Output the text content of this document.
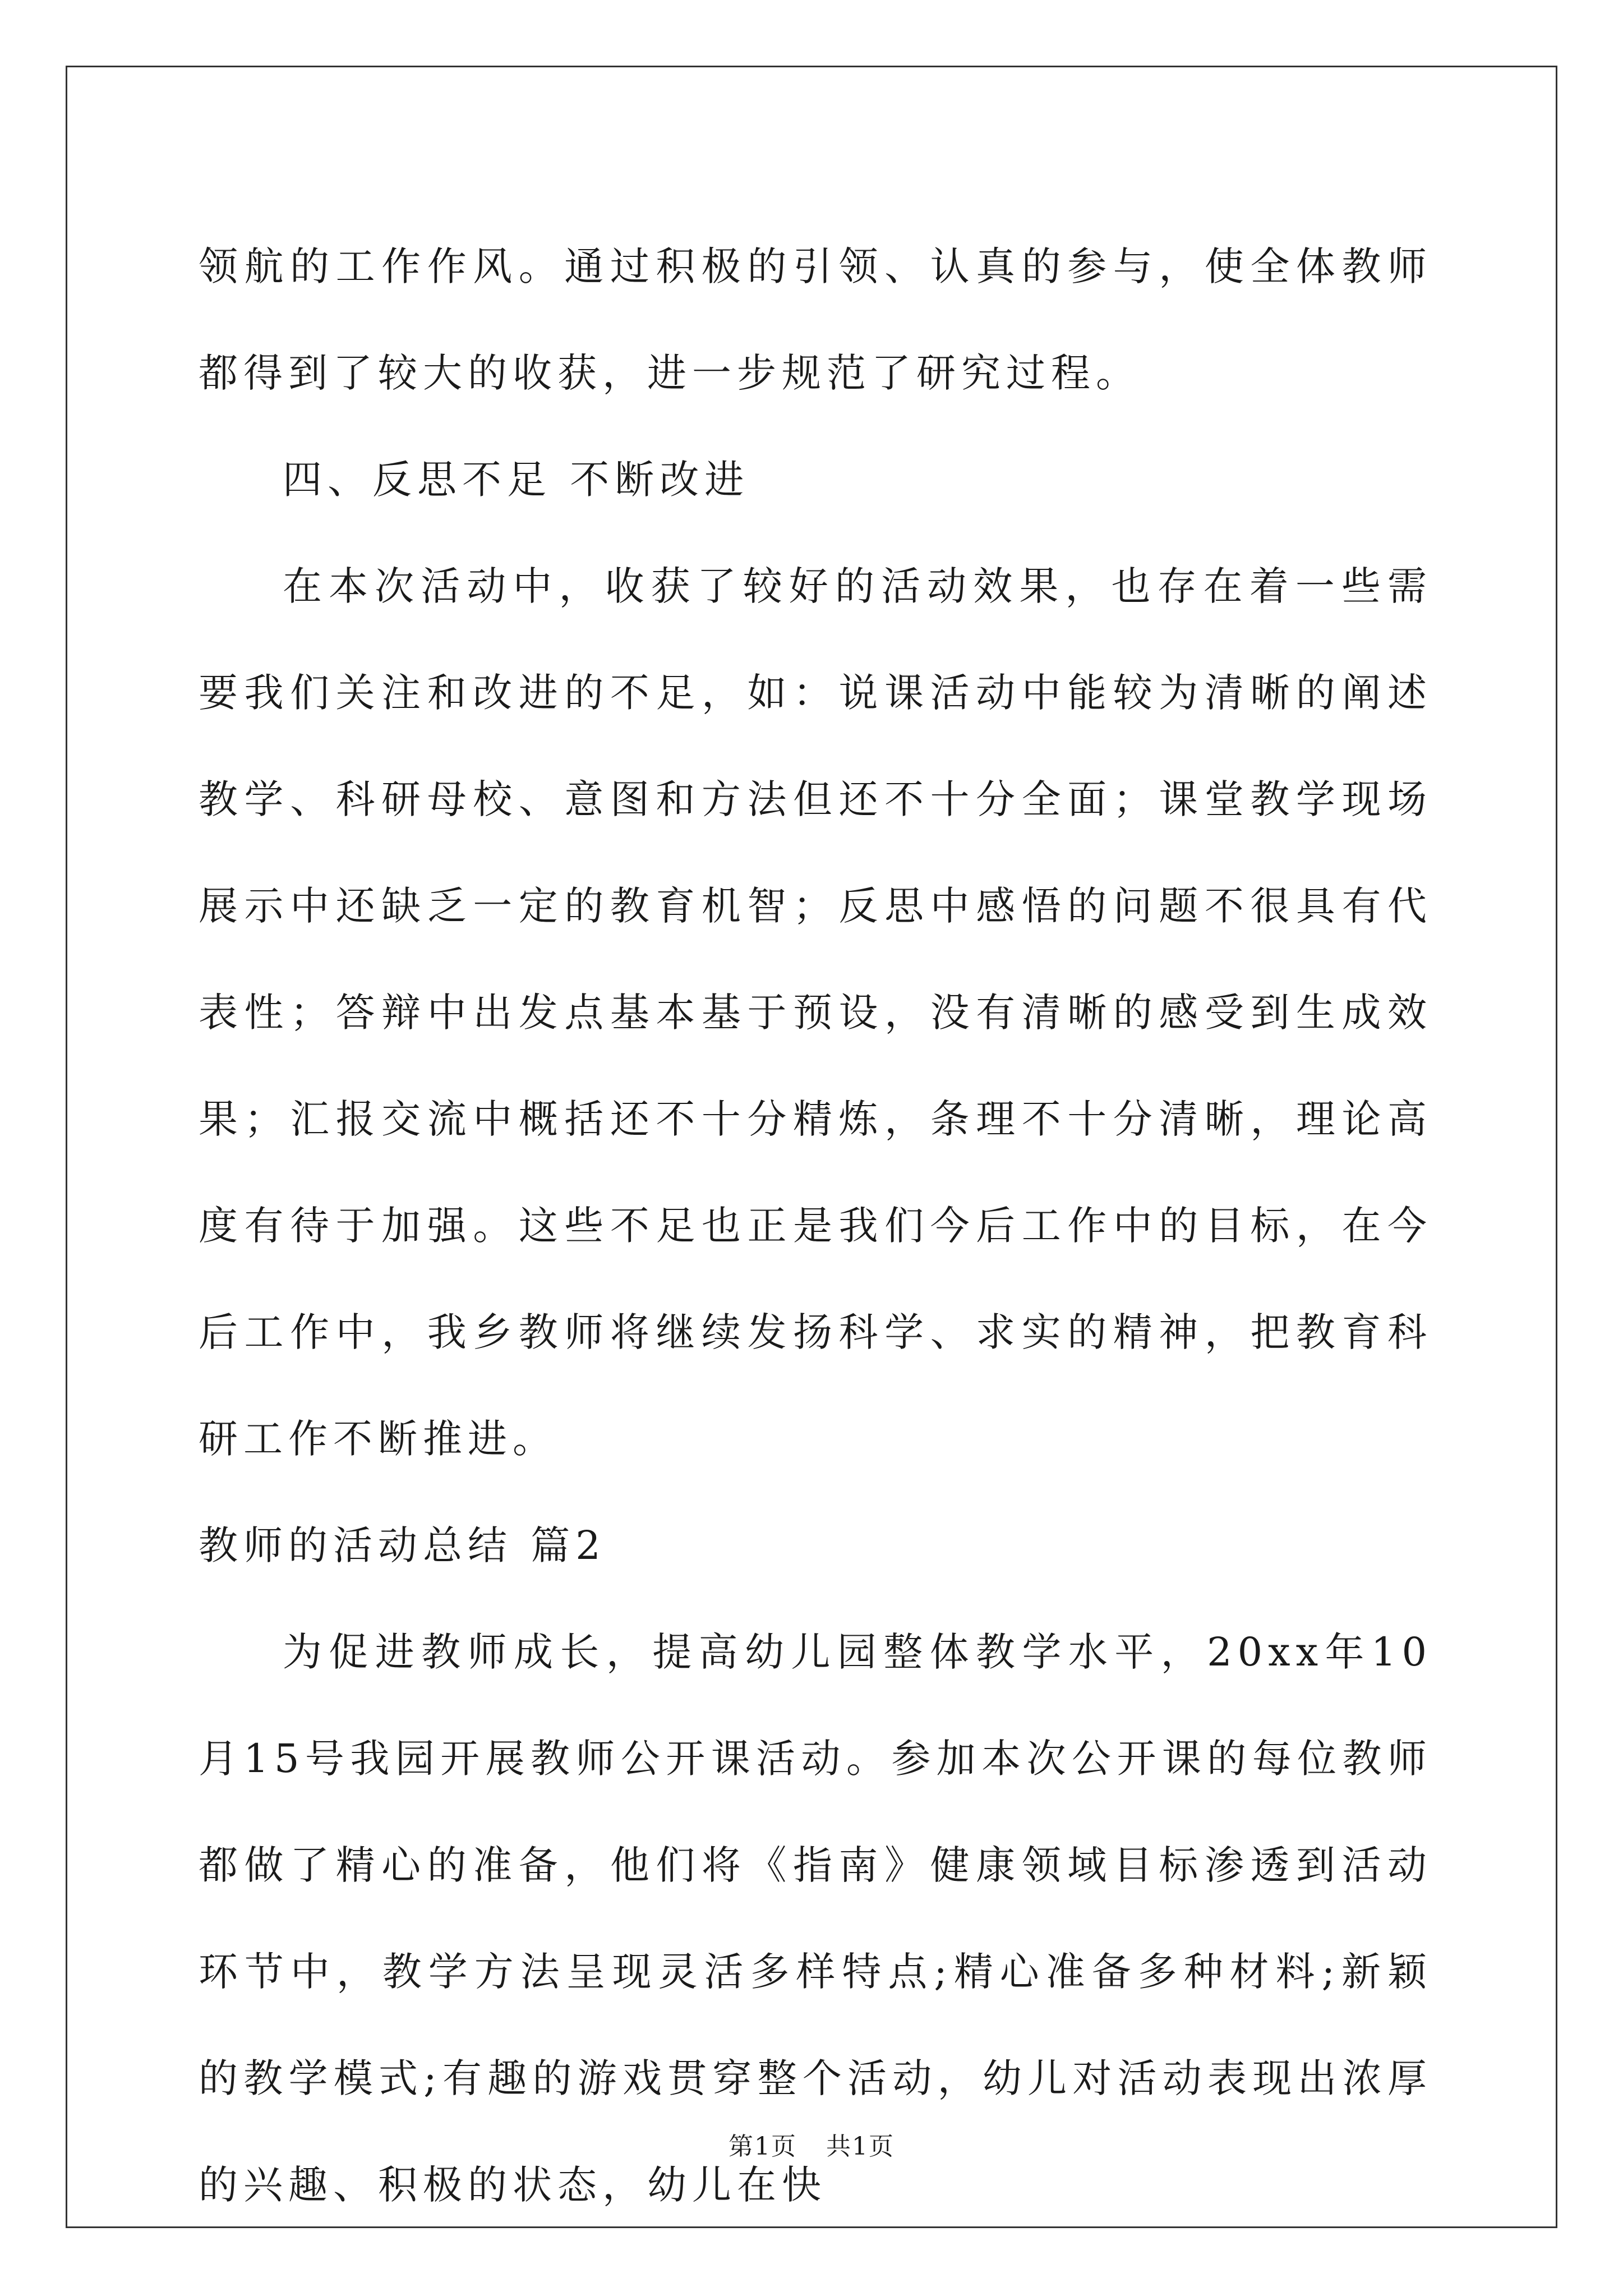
领航的工作作风。通过积极的引领、认真的参与，使全体教师都得到了较大的收获，进一步规范了研究过程。

四、反思不足 不断改进

在本次活动中，收获了较好的活动效果，也存在着一些需要我们关注和改进的不足，如：说课活动中能较为清晰的阐述教学、科研母校、意图和方法但还不十分全面；课堂教学现场展示中还缺乏一定的教育机智；反思中感悟的问题不很具有代表性；答辩中出发点基本基于预设，没有清晰的感受到生成效果；汇报交流中概括还不十分精炼，条理不十分清晰，理论高度有待于加强。这些不足也正是我们今后工作中的目标，在今后工作中，我乡教师将继续发扬科学、求实的精神，把教育科研工作不断推进。

教师的活动总结 篇2

为促进教师成长，提高幼儿园整体教学水平，20xx年10月15号我园开展教师公开课活动。参加本次公开课的每位教师都做了精心的准备，他们将《指南》健康领域目标渗透到活动环节中，教学方法呈现灵活多样特点;精心准备多种材料;新颖的教学模式;有趣的游戏贯穿整个活动，幼儿对活动表现出浓厚的兴趣、积极的状态，幼儿在快

第1页 共1页
